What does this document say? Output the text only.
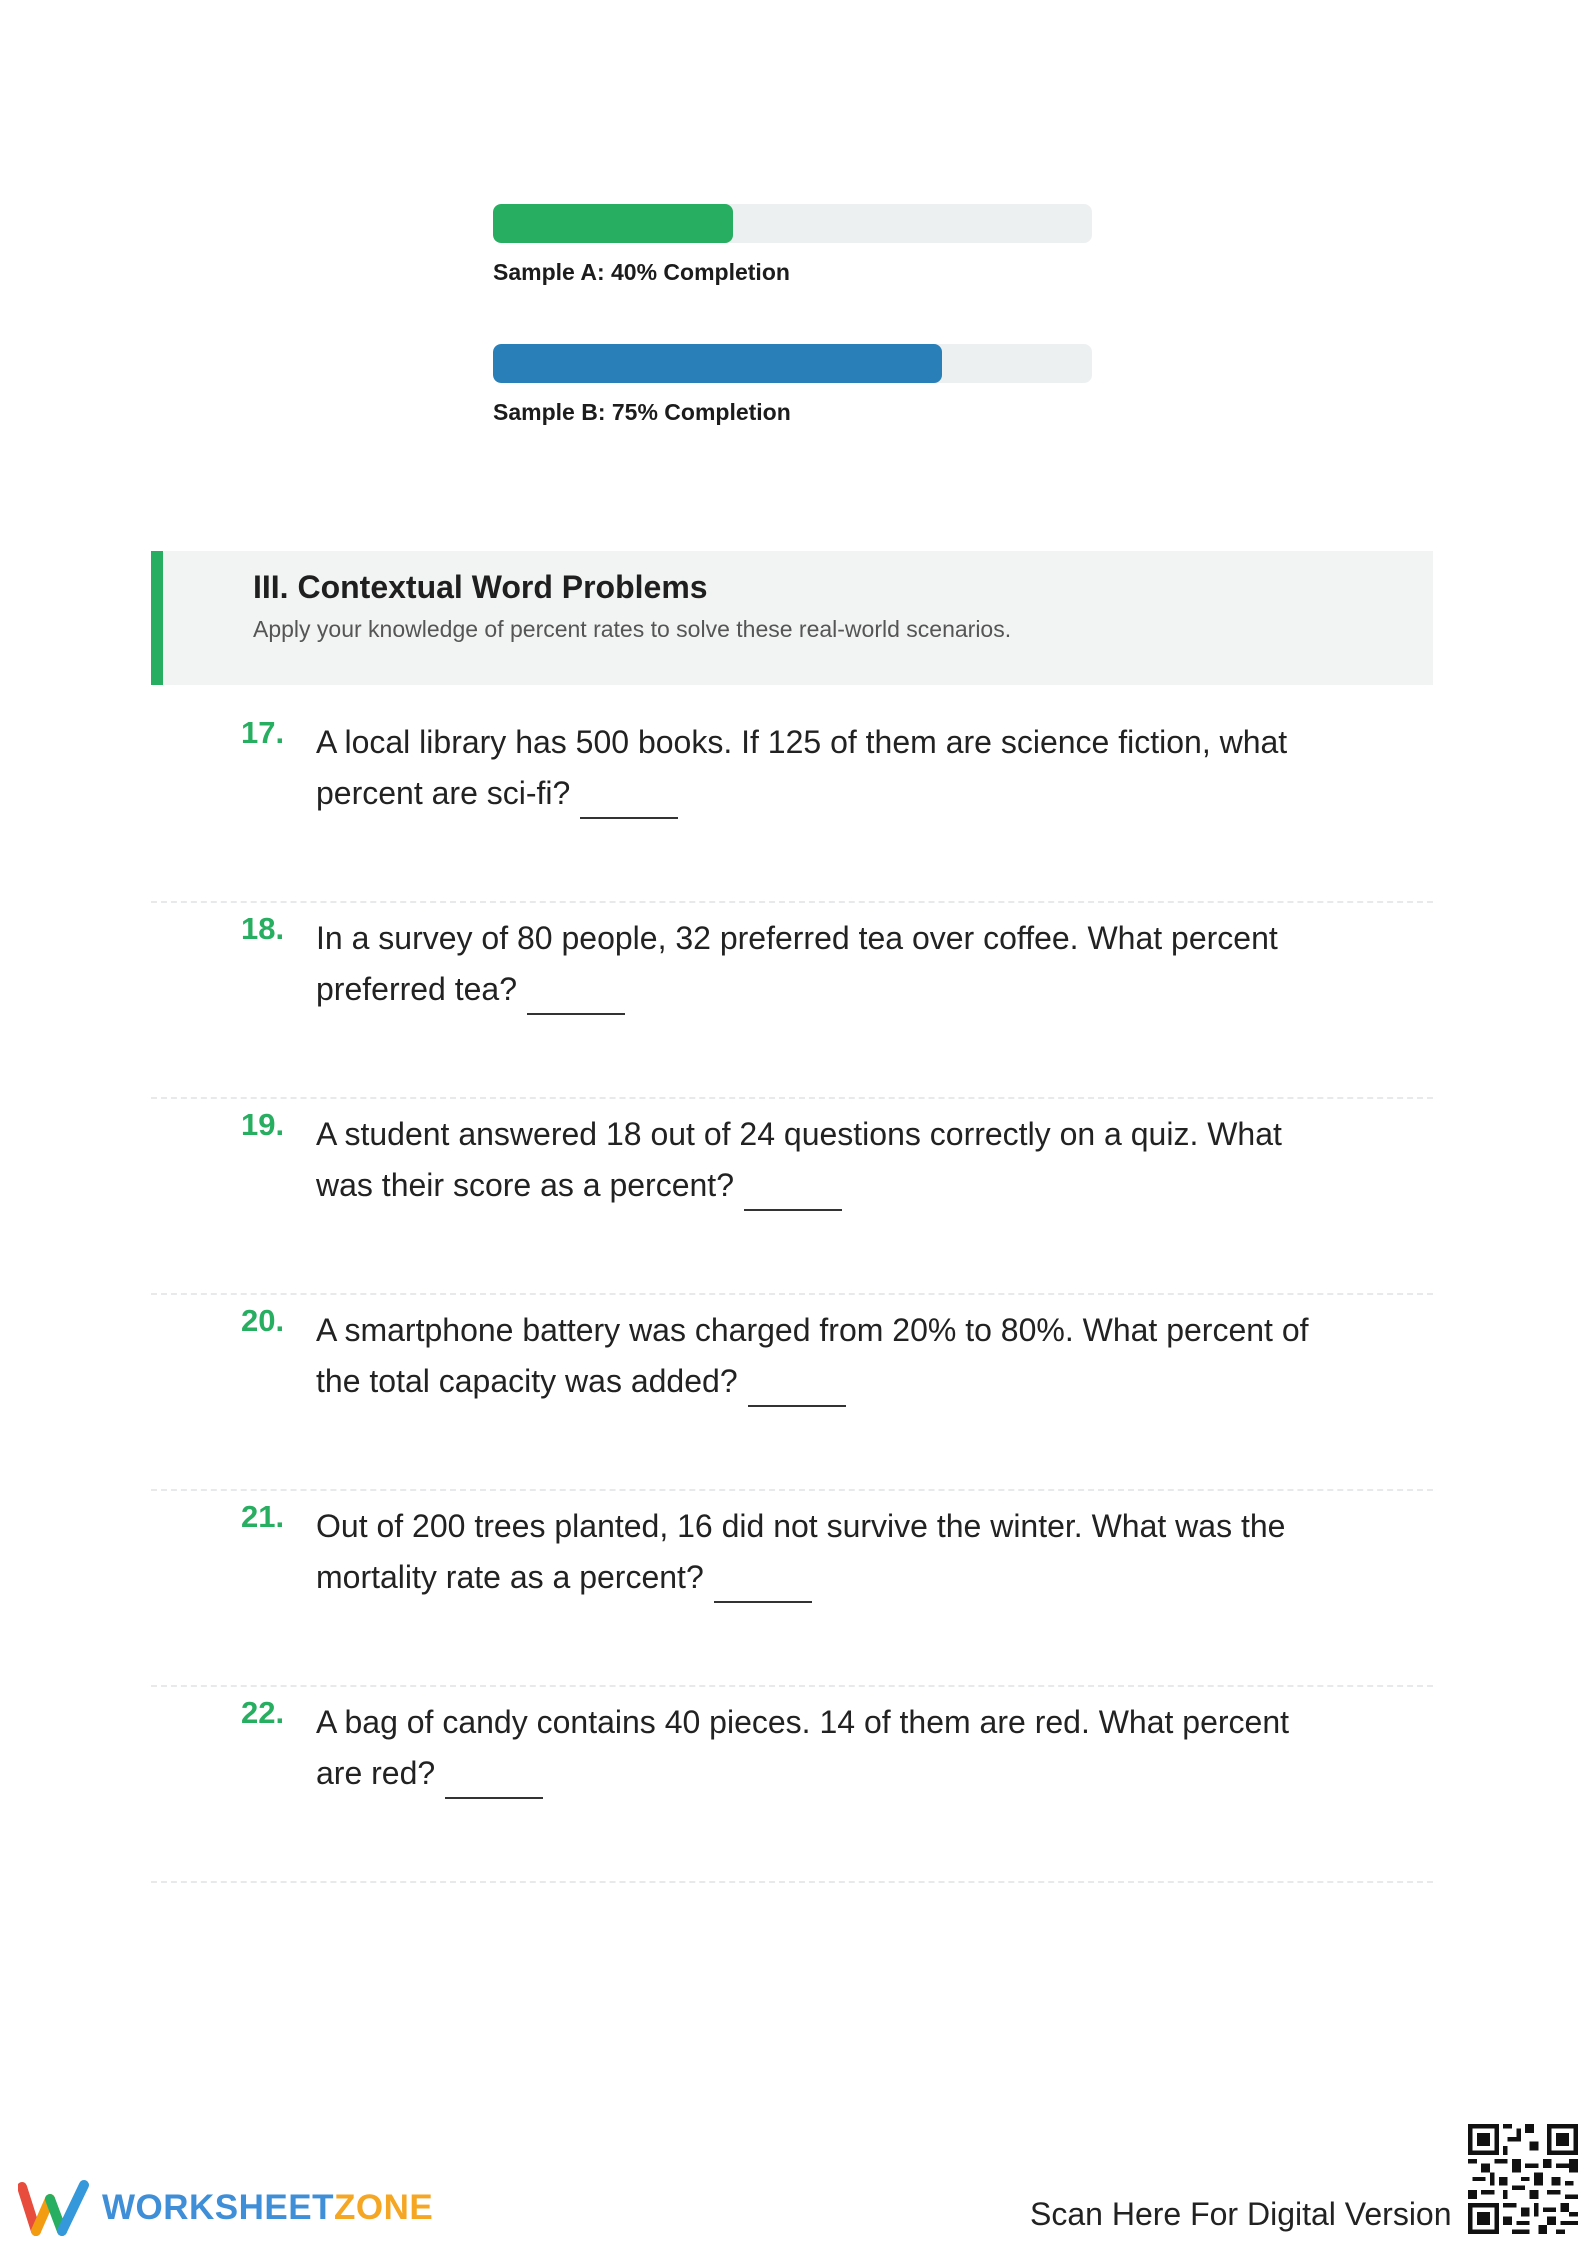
Sample A: 40% Completion
Sample B: 75% Completion
III. Contextual Word Problems
Apply your knowledge of percent rates to solve these real-world scenarios.
17. A local library has 500 books. If 125 of them are science fiction, what percent are sci-fi?
18. In a survey of 80 people, 32 preferred tea over coffee. What percent preferred tea?
19. A student answered 18 out of 24 questions correctly on a quiz. What was their score as a percent?
20. A smartphone battery was charged from 20% to 80%. What percent of the total capacity was added?
21. Out of 200 trees planted, 16 did not survive the winter. What was the mortality rate as a percent?
22. A bag of candy contains 40 pieces. 14 of them are red. What percent are red?
WORKSHEETZONE	Scan Here For Digital Version
